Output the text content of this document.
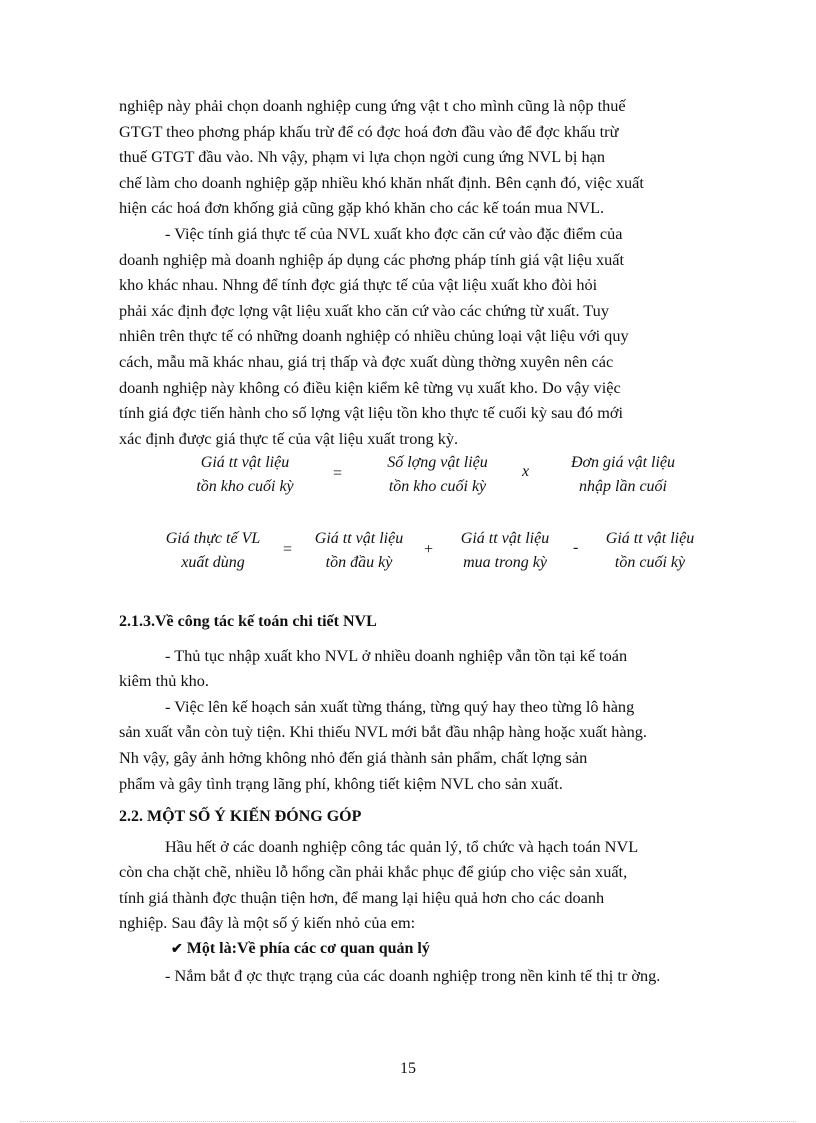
nghiệp này phải chọn doanh nghiệp cung ứng vật t cho mình cũng là nộp thuế
GTGT theo phơng pháp khấu trừ để có đợc hoá đơn đầu vào để đợc khấu trừ
thuế GTGT đầu vào. Nh vậy, phạm vi lựa chọn ngời cung ứng NVL bị hạn
chế làm cho doanh nghiệp gặp nhiều khó khăn nhất định. Bên cạnh đó, việc xuất
hiện các hoá đơn khống giả cũng gặp khó khăn cho các kế toán mua NVL.

- Việc tính giá thực tế của NVL xuất kho đợc căn cứ vào đặc điểm của

doanh nghiệp mà doanh nghiệp áp dụng các phơng pháp tính giá vật liệu xuất
kho khác nhau. Nhng để tính đợc giá thực tế của vật liệu xuất kho đòi hỏi
phải xác định đợc lợng vật liệu xuất kho căn cứ vào các chứng từ xuất. Tuy
nhiên trên thực tế có những doanh nghiệp có nhiều chủng loại vật liệu với quy
cách, mẫu mã khác nhau, giá trị thấp và đợc xuất dùng thờng xuyên nên các
doanh nghiệp này không có điều kiện kiểm kê từng vụ xuất kho. Do vậy việc
tính giá đợc tiến hành cho số lợng vật liệu tồn kho thực tế cuối kỳ sau đó mới
xác định được giá thực tế của vật liệu xuất trong kỳ.

Giá tt vật liệu
tồn kho cuối kỳ
=
Số lợng vật liệu
tồn kho cuối kỳ
x
Đơn giá vật liệu
nhập lần cuối
Giá thực tế VL
xuất dùng
=
Giá tt vật liệu
tồn đầu kỳ
+
Giá tt vật liệu
mua trong kỳ
-
Giá tt vật liệu
tồn cuối kỳ

2.1.3.Về công tác kế toán chi tiết NVL

- Thủ tục nhập xuất kho NVL ở nhiều doanh nghiệp vẫn tồn tại kế toán

kiêm thủ kho.

- Việc lên kế hoạch sản xuất từng tháng, từng quý hay theo từng lô hàng

sản xuất vẫn còn tuỳ tiện. Khi thiếu NVL mới bắt đầu nhập hàng hoặc xuất hàng.
Nh vậy, gây ảnh hởng không nhỏ đến giá thành sản phẩm, chất lợng sản
phẩm và gây tình trạng lãng phí, không tiết kiệm NVL cho sản xuất.

2.2. MỘT SỐ Ý KIẾN ĐÓNG GÓP

Hầu hết ở các doanh nghiệp công tác quản lý, tổ chức và hạch toán NVL

còn cha chặt chẽ, nhiều lỗ hổng cần phải khắc phục để giúp cho việc sản xuất,
tính giá thành đợc thuận tiện hơn, để mang lại hiệu quả hơn cho các doanh
nghiệp. Sau đây là một số ý kiến nhỏ của em:

✔ Một là:Về phía các cơ quan quản lý

- Nắm bắt đ ợc thực trạng của các doanh nghiệp trong nền kinh tế thị tr ờng.

15
